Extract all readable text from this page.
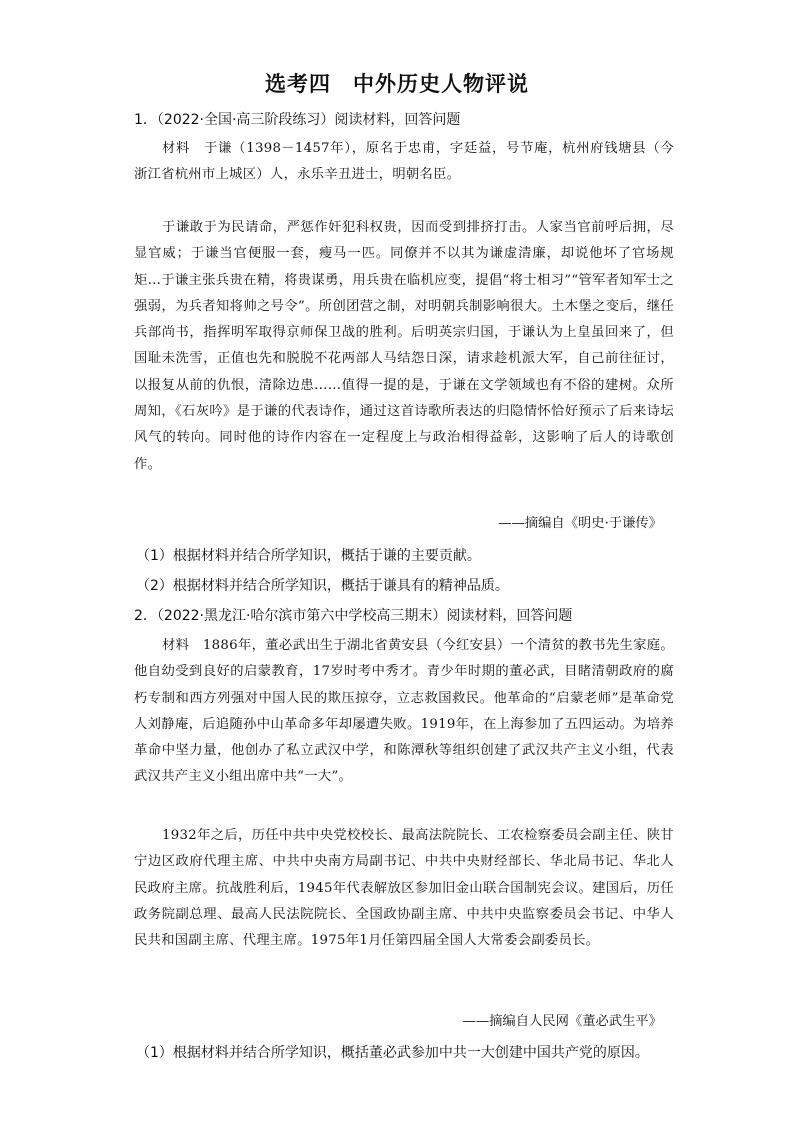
选考四 中外历史人物评说
1．（2022·全国·高三阶段练习）阅读材料，回答问题
材料　于谦（1398－1457年），原名于忠甫，字廷益，号节庵，杭州府钱塘县（今浙江省杭州市上城区）人，永乐辛丑进士，明朝名臣。
于谦敢于为民请命，严惩作奸犯科权贵，因而受到排挤打击。人家当官前呼后拥，尽显官威；于谦当官便服一套，瘦马一匹。同僚并不以其为谦虚清廉，却说他坏了官场规矩…于谦主张兵贵在精，将贵谋勇，用兵贵在临机应变，提倡“将士相习”“管军者知军士之强弱，为兵者知将帅之号令”。所创团营之制，对明朝兵制影响很大。土木堡之变后，继任兵部尚书，指挥明军取得京师保卫战的胜利。后明英宗归国，于谦认为上皇虽回来了，但国耻未洗雪，正值也先和脱脱不花两部人马结怨日深，请求趁机派大军，自己前往征讨，以报复从前的仇恨，清除边患……值得一提的是，于谦在文学领域也有不俗的建树。众所周知，《石灰吟》是于谦的代表诗作，通过这首诗歌所表达的归隐情怀恰好预示了后来诗坛风气的转向。同时他的诗作内容在一定程度上与政治相得益彰，这影响了后人的诗歌创作。
——摘编自《明史·于谦传》
（1）根据材料并结合所学知识，概括于谦的主要贡献。
（2）根据材料并结合所学知识，概括于谦具有的精神品质。
2．（2022·黑龙江·哈尔滨市第六中学校高三期末）阅读材料，回答问题
材料　1886年，董必武出生于湖北省黄安县（今红安县）一个清贫的教书先生家庭。他自幼受到良好的启蒙教育，17岁时考中秀才。青少年时期的董必武，目睹清朝政府的腐朽专制和西方列强对中国人民的欺压掠夺，立志救国救民。他革命的“启蒙老师”是革命党人刘静庵，后追随孙中山革命多年却屡遭失败。1919年，在上海参加了五四运动。为培养革命中坚力量，他创办了私立武汉中学，和陈潭秋等组织创建了武汉共产主义小组，代表武汉共产主义小组出席中共“一大”。
1932年之后，历任中共中央党校校长、最高法院院长、工农检察委员会副主任、陕甘宁边区政府代理主席、中共中央南方局副书记、中共中央财经部长、华北局书记、华北人民政府主席。抗战胜利后，1945年代表解放区参加旧金山联合国制宪会议。建国后，历任政务院副总理、最高人民法院院长、全国政协副主席、中共中央监察委员会书记、中华人民共和国副主席、代理主席。1975年1月任第四届全国人大常委会副委员长。
——摘编自人民网《董必武生平》
（1）根据材料并结合所学知识，概括董必武参加中共一大创建中国共产党的原因。
